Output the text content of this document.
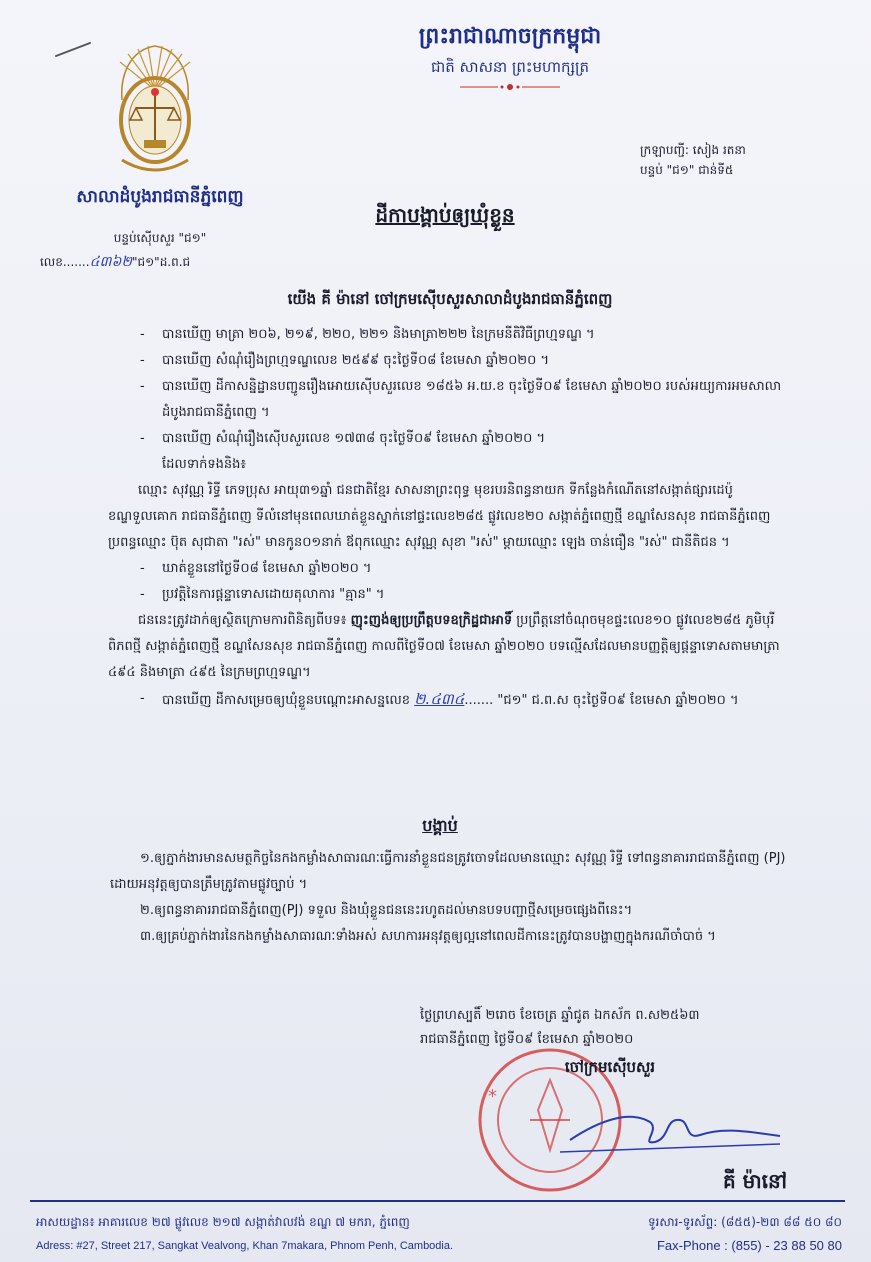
ព្រះរាជាណាចក្រកម្ពុជា
ជាតិ សាសនា ព្រះមហាក្សត្រ
សាលាដំបូងរាជធានីភ្នំពេញ
បន្ទប់ស៊ើបសួរ "ជ១"
លេខ.......៤៣៦២"ជ១"ដ.ព.ជ
ក្រឡាបញ្ជី: សៀង រតនា
បន្ទប់ "ជ១" ជាន់ទី៥
ដីកាបង្គាប់ឲ្យឃុំខ្លួន
យើង គី ម៉ានៅ ចៅក្រមស៊ើបសួរសាលាដំបូងរាជធានីភ្នំពេញ

- បានឃើញ មាត្រា ២០៦, ២១៩, ២២០, ២២១ និងមាត្រា២២២ នៃក្រមនីតិវិធីព្រហ្មទណ្ឌ ។

- បានឃើញ សំណុំរឿងព្រហ្មទណ្ឌលេខ ២៥៩៩ ចុះថ្ងៃទី០៨ ខែមេសា ឆ្នាំ២០២០ ។

- បានឃើញ ដីកាសន្និដ្ឋានបញ្ជូនរឿងអោយស៊ើបសួរលេខ ១៨៥៦ អ.យ.ខ ចុះថ្ងៃទី០៩ ខែមេសា ឆ្នាំ២០២០ របស់អយ្យការអមសាលាដំបូងរាជធានីភ្នំពេញ ។

- បានឃើញ សំណុំរឿងស៊ើបសួរលេខ ១៧៣៨ ចុះថ្ងៃទី០៩ ខែមេសា ឆ្នាំ២០២០ ។

ដែលទាក់ទងនិង៖

ឈ្មោះ សុវណ្ណ រិទ្ធី ភេទប្រុស អាយុ៣១ឆ្នាំ ជនជាតិខ្មែរ សាសនាព្រះពុទ្ធ មុខរបរនិពន្ធនាយក ទីកន្លែងកំណើតនៅសង្កាត់ផ្សារដេប៉ូ ខណ្ឌទួលគោក រាជធានីភ្នំពេញ ទីលំនៅមុនពេលឃាត់ខ្លួនស្នាក់នៅផ្ទះលេខ២៨៥ ផ្លូវលេខ២០ សង្កាត់ភ្នំពេញថ្មី ខណ្ឌសែនសុខ រាជធានីភ្នំពេញ ប្រពន្ធឈ្មោះ ប៊ុត សុជាតា "រស់" មានកូន០១នាក់ ឪពុកឈ្មោះ សុវណ្ណ សុខា "រស់" ម្ដាយឈ្មោះ ឡេង ចាន់ធឿន "រស់" ជានីតិជន ។

- ឃាត់ខ្លួននៅថ្ងៃទី០៨ ខែមេសា ឆ្នាំ២០២០ ។

- ប្រវត្តិនៃការផ្ដន្ទាទោសដោយតុលាការ "គ្មាន" ។

ជននេះត្រូវដាក់ឲ្យស្ថិតក្រោមការពិនិត្យពីបទ៖ ញុះញង់ឲ្យប្រព្រឹត្តបទឧក្រិដ្ឋជាអាទិ៍ ប្រព្រឹត្តនៅចំណុចមុខផ្ទះលេខ១០ ផ្លូវលេខ២៨៥ ភូមិបុរីពិភពថ្មី សង្កាត់ភ្នំពេញថ្មី ខណ្ឌសែនសុខ រាជធានីភ្នំពេញ កាលពីថ្ងៃទី០៧ ខែមេសា ឆ្នាំ២០២០ បទល្មើសដែលមានបញ្ញត្តិឲ្យផ្តន្ទាទោសតាមមាត្រា ៤៩៤ និងមាត្រា ៤៩៥ នៃក្រមព្រហ្មទណ្ឌ។

- បានឃើញ ដីកាសម្រេចឲ្យឃុំខ្លួនបណ្ដោះអាសន្នលេខ ២.៤៣៤....... "ជ១" ជ.ព.ស ចុះថ្ងៃទី០៩ ខែមេសា ឆ្នាំ២០២០ ។

បង្គាប់

១.ឲ្យភ្នាក់ងារមានសមត្ថកិច្ចនៃកងកម្លាំងសាធារណៈធ្វើការនាំខ្លួនជនត្រូវចោទដែលមានឈ្មោះ សុវណ្ណ រិទ្ធី ទៅពន្ធនាគាររាជធានីភ្នំពេញ (PJ) ដោយអនុវត្តឲ្យបានត្រឹមត្រូវតាមផ្លូវច្បាប់ ។

២.ឲ្យពន្ធនាគាររាជធានីភ្នំពេញ(PJ) ទទួល និងឃុំខ្លួនជននេះរហូតដល់មានបទបញ្ជាថ្មីសម្រេចផ្សេងពីនេះ។

៣.ឲ្យគ្រប់ភ្នាក់ងារនៃកងកម្លាំងសាធារណៈទាំងអស់ សហការអនុវត្តឲ្យល្អនៅពេលដីកានេះត្រូវបានបង្ហាញក្នុងករណីចាំបាច់ ។

ថ្ងៃព្រហស្បតិ៍ ២រោច ខែចេត្រ ឆ្នាំជូត ឯកស័ក ព.ស២៥៦៣
រាជធានីភ្នំពេញ ថ្ងៃទី០៩ ខែមេសា ឆ្នាំ២០២០
*
ចៅក្រមស៊ើបសួរ
គី ម៉ានៅ
អាសយដ្ឋាន៖ អាគារលេខ ២៧ ផ្លូវលេខ ២១៧ សង្កាត់វាលវង់ ខណ្ឌ ៧ មករា, ភ្នំពេញ
Adress: #27, Street 217, Sangkat Vealvong, Khan 7makara, Phnom Penh, Cambodia.
ទូរសារ-ទូរស័ព្ទ: (៨៥៥)-២៣ ៨៨ ៥០ ៨០
Fax-Phone : (855) - 23 88 50 80
